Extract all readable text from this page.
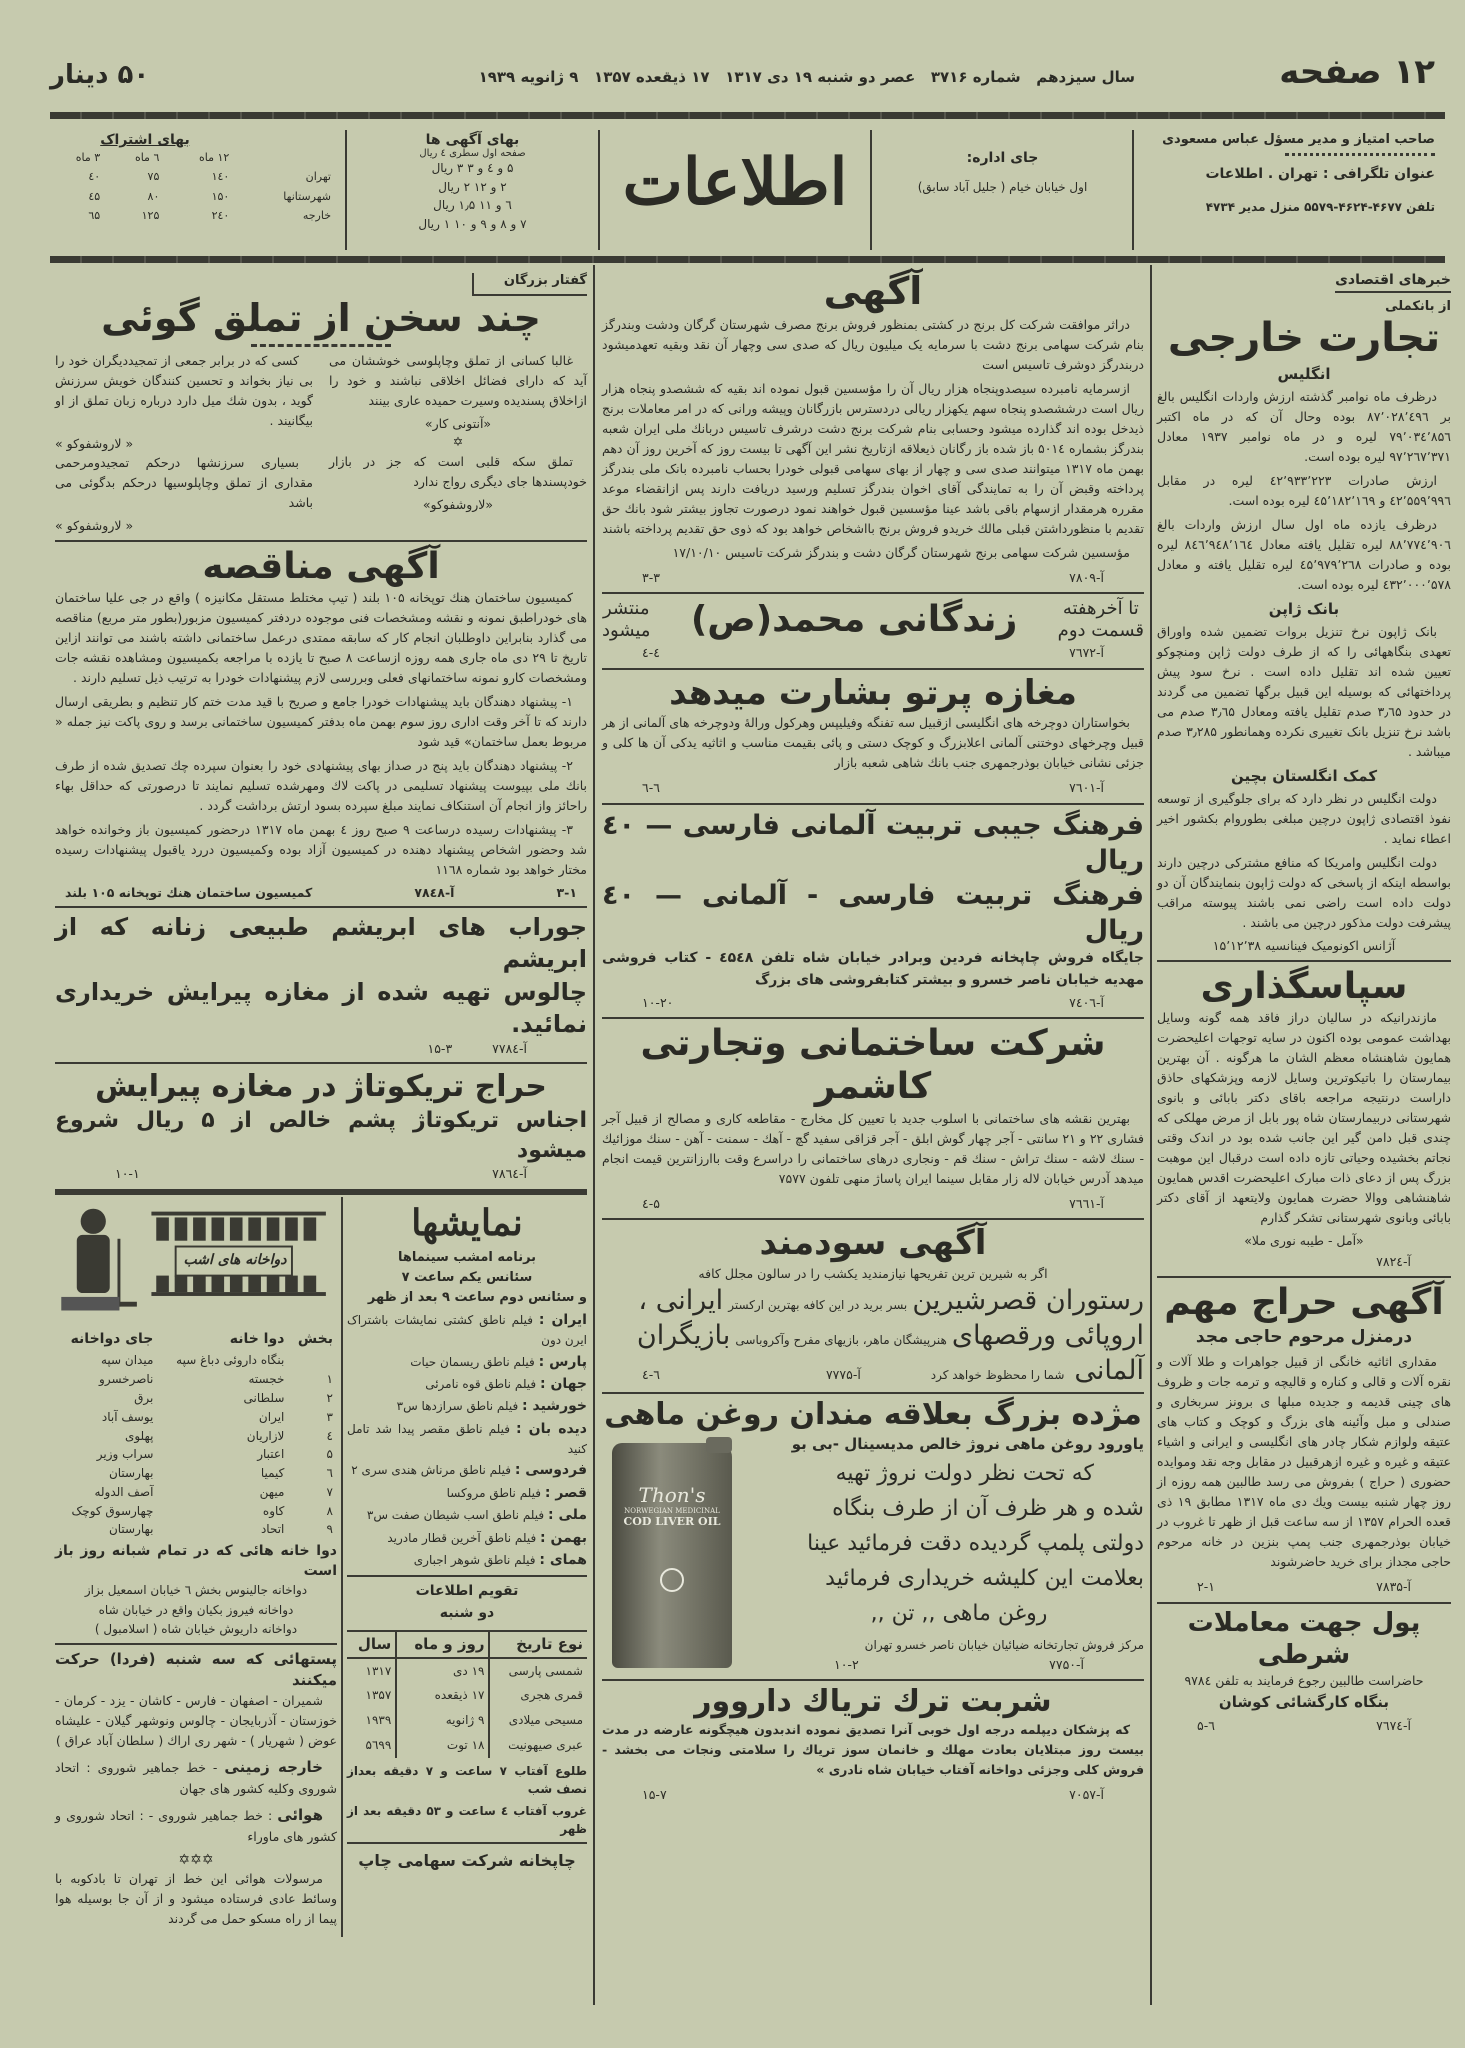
۱۲ صفحه
سال سیزدهم   شماره ۳۷۱۶   عصر دو شنبه ۱۹ دی ۱۳۱۷   ۱۷ ذیقعده ۱۳۵۷   ۹ ژانویه ۱۹۳۹
۵۰ دینار
صاحب امتیاز و مدیر مسؤل عباس مسعودی
عنوان تلگرافی : تهران . اطلاعات
تلفن ۴۶۷۷-۴۶۲۴-۵۵۷۹ منزل مدیر ۴۷۳۴
جای اداره:
اول خیابان خیام ( جلیل آباد سابق)
اطلاعات
بهای آگهی ها
صفحه اول سطری ٤ ریال
۵ و ٤ و ۳ ۳ ریال
۲ و ۱۲ ۲ ریال
٦ و ۱۱ ۱٫۵ ریال
۷ و ۸ و ۹ و ۱۰ ۱ ریال
بهای اشتراک
	۱۲ ماه	٦ ماه	۳ ماه
تهران	۱٤۰	۷۵	٤۰
شهرستانها	۱۵۰	۸۰	٤۵
خارجه	۲٤۰	۱۲۵	٦۵
خبرهای اقتصادی
از بانکملی
تجارت خارجی
انگلیس
درظرف ماه نوامبر گذشته ارزش واردات انگلیس بالغ بر ۸۷٬۰۲۸٬٤۹٦ بوده وحال آن که در ماه اکتبر ۷۹٬۰۳٤٬۸۵٦ لیره و در ماه نوامبر ۱۹۳۷ معادل ۹۷٬۲٦۷٬۳۷۱ لیره بوده است.
ارزش صادرات ٤۲٬۹۳۳٬۲۲۳ لیره در مقابل ٤۲٬۵۵۹٬۹۹٦ و ٤۵٬۱۸۲٬۱٦۹ لیره بوده است.
درظرف یازده ماه اول سال ارزش واردات بالغ ۸۸٬۷۷٤٬۹۰٦ لیره تقلیل یافته معادل ۸٤٦٬۹٤۸٬۱٦٤ لیره بوده و صادرات ٤۵٬۹۷۹٬۲٦۸ لیره تقلیل یافته و معادل ٤۳۲٬۰۰۰٬۵۷۸ لیره بوده است.
بانک ژاپن
بانک ژاپون نرخ تنزیل بروات تضمین شده واوراق تعهدی بنگاههائی را که از طرف دولت ژاپن ومنچوکو تعیین شده اند تقلیل داده است . نرخ سود پیش پرداختهائی که بوسیله این قبیل برگها تضمین می گردند در حدود ۳٫٦۵ صدم تقلیل یافته ومعادل ۳٫٦۵ صدم می باشد نرخ تنزیل بانک تغییری نکرده وهمانطور ۳٫۲۸۵ صدم میباشد .
کمک انگلستان بچین
دولت انگلیس در نظر دارد که برای جلوگیری از توسعه نفوذ اقتصادی ژاپون درچین مبلغی بطوروام بکشور اخیر اعطاء نماید .
دولت انگلیس وامریکا که منافع مشترکی درچین دارند بواسطه اینکه از پاسخی که دولت ژاپون بنمایندگان آن دو دولت داده است راضی نمی باشند پیوسته مراقب پیشرفت دولت مذکور درچین می باشند .
آژانس اکونومیک فینانسیه ۱۵٬۱۲٬۳۸
سپاسگذاری
مازندرانیکه در سالیان دراز فاقد همه گونه وسایل بهداشت عمومی بوده اکنون در سایه توجهات اعلیحضرت همایون شاهنشاه معظم الشان ما هرگونه . آن بهترین بیمارستان را باتیکوترین وسایل لازمه وپزشکهای حاذق داراست درنتیجه مراجعه باقای دکتر بابائی و بانوی شهرستانی دربیمارستان شاه پور بابل از مرض مهلکی که چندی قبل دامن گیر این جانب شده بود در اندک وقتی نجاتم بخشیده وحیاتی تازه داده است درقبال این موهبت بزرگ پس از دعای ذات مبارک اعلیحضرت اقدس همایون شاهنشاهی ووالا حضرت همایون ولایتعهد از آقای دکتر بابائی وبانوی شهرستانی تشکر گذارم
«آمل - طیبه نوری ملا»
آ-۷۸۲٤
آگهی حراج مهم
درمنزل مرحوم حاجی مجد
مقداری اثاثیه خانگی از قبیل جواهرات و طلا آلات و نقره آلات و قالی و کناره و قالیچه و ترمه جات و ظروف های چینی قدیمه و جدیده مبلها ی برونز سربخاری و صندلی و مبل وآئینه های بزرگ و کوچک و کتاب های عتیقه ولوازم شکار چادر های انگلیسی و ایرانی و اشیاء عتیقه و غیره و غیره ازهرقبیل در مقابل وجه نقد وموایده حضوری ( حراج ) بفروش می رسد طالبین همه روزه از روز چهار شنبه بیست ویك دی ماه ۱۳۱۷ مطابق ۱۹ ذی قعده الحرام ۱۳۵۷ از سه ساعت قبل از ظهر تا غروب در خیابان بوذرجمهری جنب پمپ بنزین در خانه مرحوم حاجی مجداز برای خرید حاضرشوند
آ-۷۸۳۵
۲-۱
پول جهت معاملات شرطی
حاضراست طالبین رجوع فرمایند به تلفن ۹۷۸٤
بنگاه کارگشائی کوشان
آ-۷٦۷٤
٦-۵
آگهی
دراثر موافقت شرکت کل برنج در کشتی بمنظور فروش برنج مصرف شهرستان گرگان ودشت وبندرگز بنام شرکت سهامی برنج دشت با سرمایه یک میلیون ریال که صدی سی وچهار آن نقد وبقیه تعهدمیشود دربندرگز دوشرف تاسیس است
ازسرمایه نامبرده سیصدوپنجاه هزار ریال آن را مؤسسین قبول نموده اند بقیه که ششصدو پنجاه هزار ریال است درششصدو پنجاه سهم یکهزار ریالی دردسترس بازرگانان وپیشه ورانی که در امر معاملات برنج ذیدخل بوده اند گذارده میشود وحسابی بنام شرکت برنج دشت درشرف تاسیس دربانك ملی ایران شعبه بندرگز بشماره ۵۰۱٤ باز شده باز رگانان ذیعلاقه ازتاریخ نشر این آگهی تا بیست روز که آخرین روز آن دهم بهمن ماه ۱۳۱۷ میتوانند صدی سی و چهار از بهای سهامی قبولی خودرا بحساب نامبرده بانک ملی بندرگز پرداخته وقبض آن را به تمایندگی آقای اخوان بندرگز تسلیم ورسید دریافت دارند پس ازانقضاء موعد مقرره هرمقدار ازسهام باقی باشد عینا مؤسسین قبول خواهند نمود درصورت تجاوز بیشتر شود بانك حق تقدیم با منظورداشتن قبلی مالك خریدو فروش برنج بااشخاص خواهد بود که ذوی حق تقدیم پرداخته باشند
مؤسسین شرکت سهامی برنج شهرستان گرگان دشت و بندرگز شرکت تاسیس ۱۷/۱۰/۱۰
آ-۷۸۰۹
۳-۳
تا آخرهفته
قسمت دوم
زندگانی محمد(ص)
منتشر
میشود
آ-۷٦۷۲
٤-٤
مغازه پرتو بشارت میدهد
بخواستاران دوچرخه های انگلیسی ازقبیل سه تفنگه وفیلیپس وهرکول ورالهٔ ودوچرخه های آلمانی از هر قبیل وچرخهای دوختنی آلمانی اعلابزرگ و کوچک دستی و پائی بقیمت مناسب و اثاثیه یدکی آن ها کلی و جزئی نشانی خیابان بوذرجمهری جنب بانك شاهی شعبه بازار
آ-۷٦۰۱
٦-٦
فرهنگ جیبی تربیت آلمانی فارسی — ٤۰ ریال
فرهنگ تربیت فارسی - آلمانی — ٤۰ ریال
جایگاه فروش چاپخانه فردین وبرادر خیابان شاه تلفن ٤۵٤۸ - کتاب فروشی مهدیه خیابان ناصر خسرو و بیشتر کتابفروشی های بزرگ
آ-۷٤۰٦
۱۰-۲۰
شرکت ساختمانی وتجارتی کاشمر
بهترین نقشه های ساختمانی با اسلوب جدید با تعیین کل مخارج - مقاطعه کاری و مصالح از قبیل آجر فشاری ۲۲ و ۲۱ سانتی - آجر چهار گوش ابلق - آجر قزاقی سفید گچ - آهك - سمنت - آهن - سنك موزائیك - سنك لاشه - سنك تراش - سنك قم - ونجاری درهای ساختمانی را دراسرع وقت باارزانترین قیمت انجام میدهد آدرس خیابان لاله زار مقابل سینما ایران پاساژ منهی تلفون ۷۵۷۷
آ-۷٦٦۱
۵-٤
آگهی سودمند
اگر به شیرین ترین تفریحها نیازمندید یکشب را در سالون مجلل کافه
رستوران قصرشیرین بسر برید در این کافه بهترین ارکستر ایرانی ،
اروپائی ورقصهای هنرپیشگان ماهر، بازیهای مفرح وآکروباسی بازیگران
آلمانی
شما را محظوظ خواهد کرد
آ-۷۷۷۵
٦-٤
مژده بزرگ بعلاقه مندان روغن ماهی
Thon's
NORWEGIAN MEDICINAL
COD LIVER OIL
یاورود روغن ماهی نروژ خالص مدیسینال -بی بو
که تحت نظر دولت نروژ تهیه
شده و هر ظرف آن از طرف بنگاه
دولتی پلمپ گردیده دقت فرمائید عینا
بعلامت این کلیشه خریداری فرمائید
روغن ماهی ,, تن ,,
مرکز فروش تجارتخانه ضیائیان خیابان ناصر خسرو تهران
آ-۷۷۵۰
۱۰-۲
شربت ترك تریاك داروور
که پزشکان دیپلمه درجه اول خوبی آنرا تصدیق نموده اندبدون هیچگونه عارضه در مدت بیست روز مبتلایان بعادت مهلك و خانمان سوز تریاك را سلامتی ونجات می بخشد - فروش کلی وجزئی دواخانه آفتاب خیابان شاه نادری »
آ-۷۰۵۷
۱۵-۷
گفتار بزرگان
چند سخن از تملق گوئی
غالبا کسانی از تملق وچاپلوسی خوششان می آید که دارای فضائل اخلاقی نباشند و خود را ازاخلاق پسندیده وسیرت حمیده عاری بینند
«آنتونی کار»
✡
تملق سکه قلبی است که جز در بازار خودپسندها جای دیگری رواج ندارد
«لاروشفوکو»
کسی که در برابر جمعی از تمجیددیگران خود را بی نیاز بخواند و تحسین کنندگان خویش سرزنش گوید ، بدون شك میل دارد درباره زبان تملق از او بیگانیند .
« لاروشفوکو »
بسیاری سرزنشها درحکم تمجیدومرحمی مقداری از تملق وچاپلوسیها درحکم بدگوئی می باشد
« لاروشفوکو »
آگهی مناقصه
کمیسیون ساختمان هنك توپخانه ۱۰۵ بلند ( تیپ مختلط مستقل مکانیزه ) واقع در جی علیا ساختمان های خودراطبق نمونه و نقشه ومشخصات فنی موجوده دردفتر کمیسیون مزبور(بطور متر مربع) مناقصه می گذارد بنابراین داوطلبان انجام کار که سابقه ممتدی درعمل ساختمانی داشته باشند می توانند ازاین تاریخ تا ۲۹ دی ماه جاری همه روزه ازساعت ۸ صبح تا یازده با مراجعه بکمیسیون ومشاهده نقشه جات ومشخصات کارو نمونه ساختمانهای فعلی وبررسی لازم پیشنهادات خودرا به ترتیب ذیل تسلیم دارند .
۱- پیشنهاد دهندگان باید پیشنهادات خودرا جامع و صریح با قید مدت ختم کار تنظیم و بطریقی ارسال دارند که تا آخر وقت اداری روز سوم بهمن ماه بدفتر کمیسیون ساختمانی برسد و روی پاکت نیز جمله « مربوط بعمل ساختمان» قید شود
۲- پیشنهاد دهندگان باید پنج در صداز بهای پیشنهادی خود را بعنوان سپرده چك تصدیق شده از طرف بانك ملی بپیوست پیشنهاد تسلیمی در پاکت لاك ومهرشده تسلیم نمایند تا درصورتی که حداقل بهاء راحائز واز انجام آن استنکاف نمایند مبلغ سپرده بسود ارتش برداشت گردد .
۳- پیشنهادات رسیده درساعت ۹ صبح روز ٤ بهمن ماه ۱۳۱۷ درحضور کمیسیون باز وخوانده خواهد شد وحضور اشخاص پیشنهاد دهنده در کمیسیون آزاد بوده وکمیسیون دررد یاقبول پیشنهادات رسیده مختار خواهد بود شماره ۱۱٦۸
۳-۱
آ-۷۸٤۸
کمیسیون ساختمان هنك توپخانه ۱۰۵ بلند
جوراب های ابریشم طبیعی زنانه که از ابریشم
چالوس تهیه شده از مغازه پیرایش خریداری نمائید.
آ-۷۷۸٤
۱۵-۳
حراج تریکوتاژ در مغازه پیرایش
اجناس تریکوتاژ پشم خالص از ۵ ریال شروع میشود
آ-۷۸٦٤
۱۰-۱
نمایشها
برنامه امشب سینماها
سئانس یکم ساعت ۷
و سئانس دوم ساعت ۹ بعد از ظهر
ایران : فیلم ناطق کشتی نمایشات باشتراک ایرن دون
پارس : فیلم ناطق ریسمان حیات
جهان : فیلم ناطق قوه نامرئی
خورشید : فیلم ناطق سرازدها س۳
دیده بان : فیلم ناطق مقصر پیدا شد تامل کنید
فردوسی : فیلم ناطق مرناش هندی سری ۲
قصر : فیلم ناطق مروکسا
ملی : فیلم ناطق اسب شیطان صفت س۳
بهمن : فیلم ناطق آخرین قطار مادرید
همای : فیلم ناطق شوهر اجباری
تقویم اطلاعات
دو شنبه
نوع تاریخ	روز و ماه	سال
شمسی پارسی	۱۹ دی	۱۳۱۷
قمری هجری	۱۷ ذیقعده	۱۳۵۷
مسیحی میلادی	۹ ژانویه	۱۹۳۹
عبری صیهونیت	۱۸ توت	۵٦۹۹
طلوع آفتاب ۷ ساعت و ۷ دقیقه بعداز نصف شب
غروب آفتاب ٤ ساعت و ۵۳ دقیقه بعد از ظهر
چاپخانه شرکت سهامی چاپ
دواخانه های اشب
بخش	دوا خانه	جای دواخانه
	بنگاه داروئی دباغ سپه	میدان سپه
۱	خجسته	ناصرخسرو
۲	سلطانی	برق
۳	ایران	یوسف آباد
٤	لازاریان	پهلوی
۵	اعتبار	سراب وزیر
٦	کیمیا	بهارستان
۷	میهن	آصف الدوله
۸	کاوه	چهارسوق کوچک
۹	اتحاد	بهارستان
دوا خانه هائی که در تمام شبانه روز باز است
دواخانه جالینوس بخش ٦ خیابان اسمعیل بزاز
دواخانه فیروز بکیان واقع در خیابان شاه
دواخانه داریوش خیابان شاه ( اسلامبول )
پستهائی که سه شنبه (فردا) حرکت میکنند
شمیران - اصفهان - فارس - کاشان - یزد - کرمان - خوزستان - آذربایجان - چالوس ونوشهر گیلان - علیشاه عوض ( شهریار ) - شهر ری اراك ( سلطان آباد عراق )
خارجه زمینی - خط جماهیر شوروی : اتحاد شوروی وکلیه کشور های جهان
هوائی : خط جماهیر شوروی - : اتحاد شوروی و کشور های ماوراء
✡✡✡
مرسولات هوائی این خط از تهران تا بادکوبه با وسائط عادی فرستاده میشود و از آن جا بوسیله هوا پیما از راه مسکو حمل می گردند
